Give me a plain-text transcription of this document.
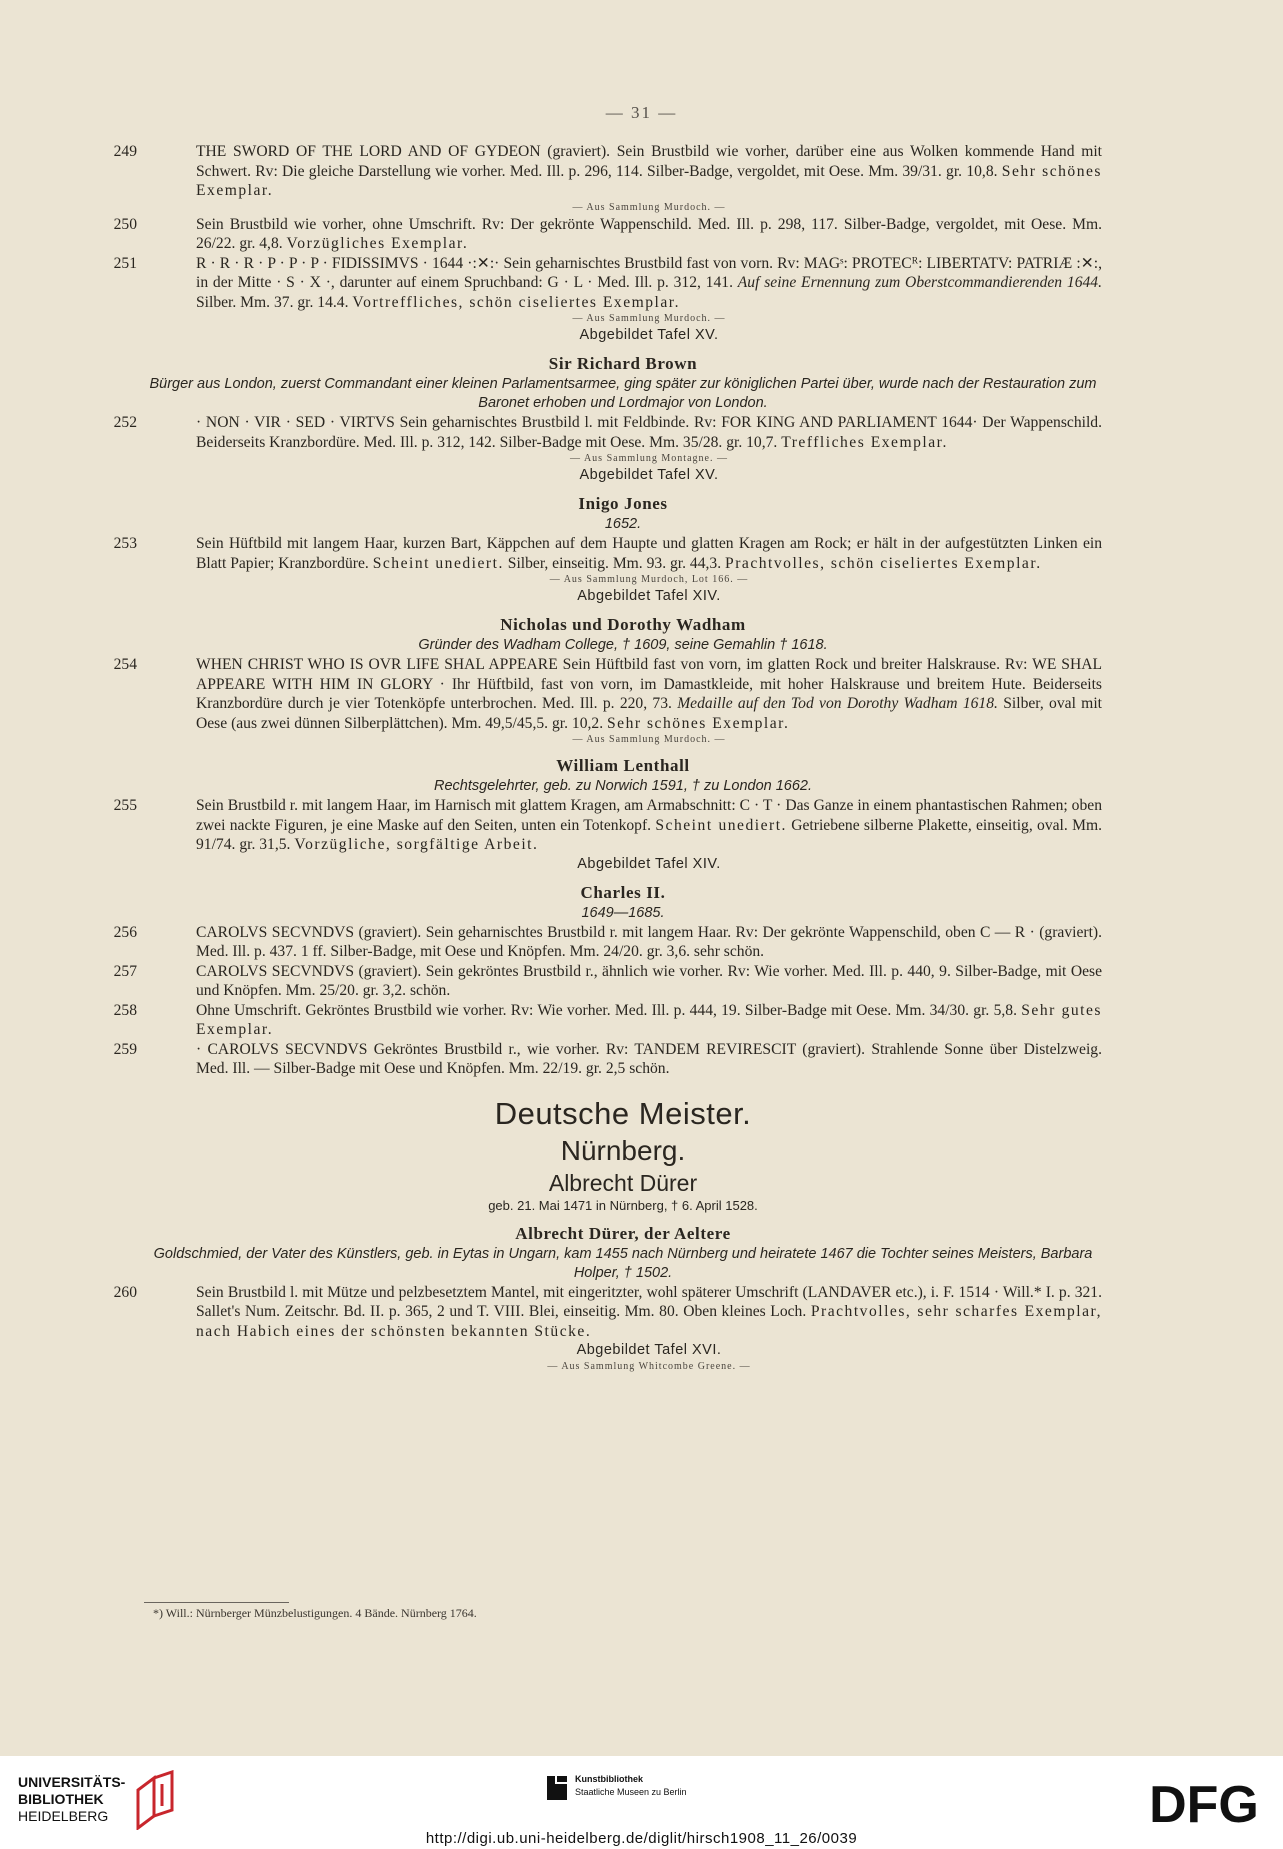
— 31 —

249	THE SWORD OF THE LORD AND OF GYDEON (graviert). Sein Brustbild wie vorher, darüber eine aus Wolken kommende Hand mit Schwert. Rv: Die gleiche Darstellung wie vorher. Med. Ill. p. 296, 114. Silber-Badge, vergoldet, mit Oese. Mm. 39/31. gr. 10,8. Sehr schönes Exemplar.

— Aus Sammlung Murdoch. —

250	Sein Brustbild wie vorher, ohne Umschrift. Rv: Der gekrönte Wappenschild. Med. Ill. p. 298, 117. Silber-Badge, vergoldet, mit Oese. Mm. 26/22. gr. 4,8. Vorzügliches Exemplar.

251	R · R · R · P · P · P · FIDISSIMVS · 1644 ·:✕:· Sein geharnischtes Brustbild fast von vorn. Rv: MAGˢ: PROTECᴿ: LIBERTATV: PATRIÆ :✕:, in der Mitte · S · X ·, darunter auf einem Spruchband: G · L · Med. Ill. p. 312, 141. Auf seine Ernennung zum Oberstcommandierenden 1644. Silber. Mm. 37. gr. 14.4. Vortreffliches, schön ciseliertes Exemplar.

— Aus Sammlung Murdoch. —
Abgebildet Tafel XV.
Sir Richard Brown
Bürger aus London, zuerst Commandant einer kleinen Parlamentsarmee, ging später zur königlichen Partei über, wurde nach der Restauration zum Baronet erhoben und Lordmajor von London.

252	· NON · VIR · SED · VIRTVS Sein geharnischtes Brustbild l. mit Feldbinde. Rv: FOR KING AND PARLIAMENT 1644· Der Wappenschild. Beiderseits Kranzbordüre. Med. Ill. p. 312, 142. Silber-Badge mit Oese. Mm. 35/28. gr. 10,7. Treffliches Exemplar.

— Aus Sammlung Montagne. —
Abgebildet Tafel XV.
Inigo Jones
1652.

253	Sein Hüftbild mit langem Haar, kurzen Bart, Käppchen auf dem Haupte und glatten Kragen am Rock; er hält in der aufgestützten Linken ein Blatt Papier; Kranzbordüre. Scheint unediert. Silber, einseitig. Mm. 93. gr. 44,3. Prachtvolles, schön ciseliertes Exemplar.

— Aus Sammlung Murdoch, Lot 166. —
Abgebildet Tafel XIV.
Nicholas und Dorothy Wadham
Gründer des Wadham College, † 1609, seine Gemahlin † 1618.

254	WHEN CHRIST WHO IS OVR LIFE SHAL APPEARE Sein Hüftbild fast von vorn, im glatten Rock und breiter Halskrause. Rv: WE SHAL APPEARE WITH HIM IN GLORY · Ihr Hüftbild, fast von vorn, im Damastkleide, mit hoher Halskrause und breitem Hute. Beiderseits Kranzbordüre durch je vier Totenköpfe unterbrochen. Med. Ill. p. 220, 73. Medaille auf den Tod von Dorothy Wadham 1618. Silber, oval mit Oese (aus zwei dünnen Silberplättchen). Mm. 49,5/45,5. gr. 10,2. Sehr schönes Exemplar.

— Aus Sammlung Murdoch. —
William Lenthall
Rechtsgelehrter, geb. zu Norwich 1591, † zu London 1662.

255	Sein Brustbild r. mit langem Haar, im Harnisch mit glattem Kragen, am Armabschnitt: C · T · Das Ganze in einem phantastischen Rahmen; oben zwei nackte Figuren, je eine Maske auf den Seiten, unten ein Totenkopf. Scheint unediert. Getriebene silberne Plakette, einseitig, oval. Mm. 91/74. gr. 31,5. Vorzügliche, sorgfältige Arbeit.

Abgebildet Tafel XIV.
Charles II.
1649—1685.

256	CAROLVS SECVNDVS (graviert). Sein geharnischtes Brustbild r. mit langem Haar. Rv: Der gekrönte Wappenschild, oben C — R · (graviert). Med. Ill. p. 437. 1 ff. Silber-Badge, mit Oese und Knöpfen. Mm. 24/20. gr. 3,6. sehr schön.

257	CAROLVS SECVNDVS (graviert). Sein gekröntes Brustbild r., ähnlich wie vorher. Rv: Wie vorher. Med. Ill. p. 440, 9. Silber-Badge, mit Oese und Knöpfen. Mm. 25/20. gr. 3,2. schön.

258	Ohne Umschrift. Gekröntes Brustbild wie vorher. Rv: Wie vorher. Med. Ill. p. 444, 19. Silber-Badge mit Oese. Mm. 34/30. gr. 5,8. Sehr gutes Exemplar.

259	· CAROLVS SECVNDVS Gekröntes Brustbild r., wie vorher. Rv: TANDEM REVIRESCIT (graviert). Strahlende Sonne über Distelzweig. Med. Ill. — Silber-Badge mit Oese und Knöpfen. Mm. 22/19. gr. 2,5 schön.

Deutsche Meister.
Nürnberg.
Albrecht Dürer
geb. 21. Mai 1471 in Nürnberg, † 6. April 1528.
Albrecht Dürer, der Aeltere
Goldschmied, der Vater des Künstlers, geb. in Eytas in Ungarn, kam 1455 nach Nürnberg und heiratete 1467 die Tochter seines Meisters, Barbara Holper, † 1502.

260	Sein Brustbild l. mit Mütze und pelzbesetztem Mantel, mit eingeritzter, wohl späterer Umschrift (LANDAVER etc.), i. F. 1514 · Will.* I. p. 321. Sallet's Num. Zeitschr. Bd. II. p. 365, 2 und T. VIII. Blei, einseitig. Mm. 80. Oben kleines Loch. Prachtvolles, sehr scharfes Exemplar, nach Habich eines der schönsten bekannten Stücke.

Abgebildet Tafel XVI.
— Aus Sammlung Whitcombe Greene. —
*) Will.: Nürnberger Münzbelustigungen. 4 Bände. Nürnberg 1764.
UNIVERSITÄTS-
BIBLIOTHEK
HEIDELBERG
Kunstbibliothek
Staatliche Museen zu Berlin	DFG
http://digi.ub.uni-heidelberg.de/diglit/hirsch1908_11_26/0039
